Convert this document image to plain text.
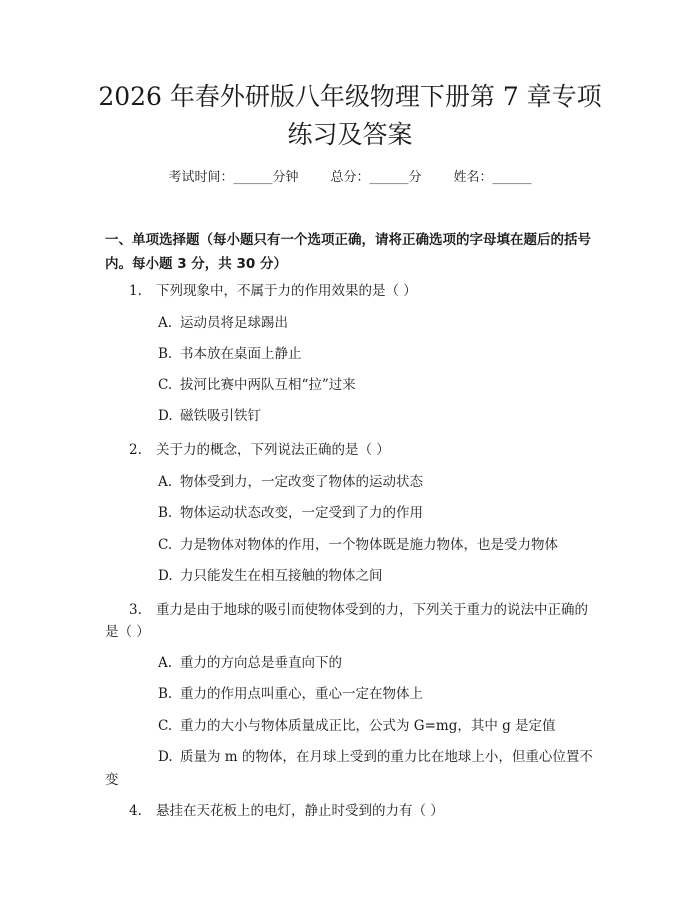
2026 年春外研版八年级物理下册第 7 章专项
练习及答案
考试时间：______分钟 总分：______分 姓名：______
一、单项选择题（每小题只有一个选项正确，请将正确选项的字母填在题后的括号内。每小题 3 分，共 30 分）
1. 下列现象中，不属于力的作用效果的是（ ）
A. 运动员将足球踢出
B. 书本放在桌面上静止
C. 拔河比赛中两队互相“拉”过来
D. 磁铁吸引铁钉
2. 关于力的概念，下列说法正确的是（ ）
A. 物体受到力，一定改变了物体的运动状态
B. 物体运动状态改变，一定受到了力的作用
C. 力是物体对物体的作用，一个物体既是施力物体，也是受力物体
D. 力只能发生在相互接触的物体之间
3. 重力是由于地球的吸引而使物体受到的力，下列关于重力的说法中正确的
是（ ）
A. 重力的方向总是垂直向下的
B. 重力的作用点叫重心，重心一定在物体上
C. 重力的大小与物体质量成正比，公式为 G=mg，其中 g 是定值
D. 质量为 m 的物体，在月球上受到的重力比在地球上小，但重心位置不
变
4. 悬挂在天花板上的电灯，静止时受到的力有（ ）
